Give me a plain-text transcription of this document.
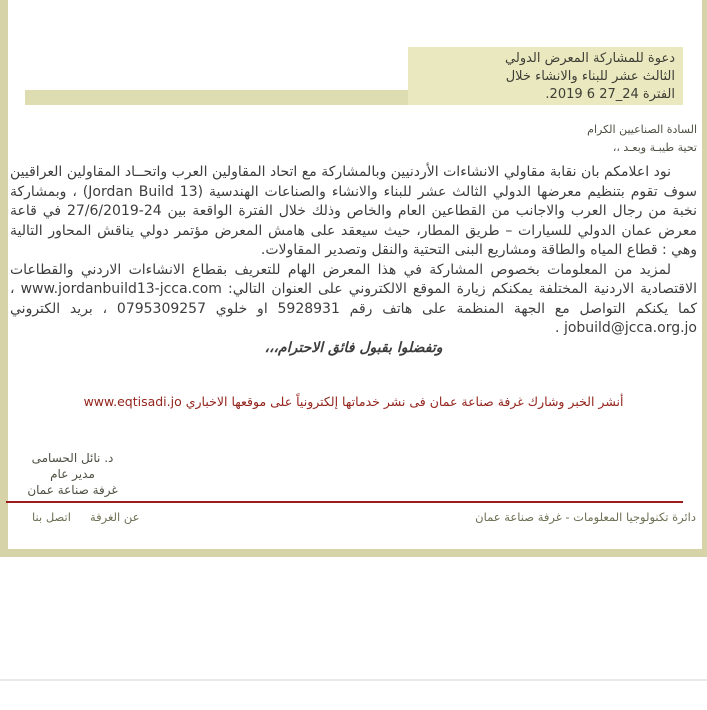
دعوة للمشاركة المعرض الدولي
الثالث عشر للبناء والانشاء خلال
الفترة 24_27 6 2019.
السادة الصناعيين الكرام
تحية طيبـة وبعـد ،،

نود اعلامكم بان نقابة مقاولي الانشاءات الأردنيين وبالمشاركة مع اتحاد المقاولين العرب واتحــاد المقاولين العراقيين سوف تقوم بتنظيم معرضها الدولي الثالث عشر للبناء والانشاء والصناعات الهندسية (Jordan Build 13) ، وبمشاركة نخبة من رجال العرب والاجانب من القطاعين العام والخاص وذلك خلال الفترة الواقعة بين 24-27/6/2019 في قاعة معرض عمان الدولي للسيارات – طريق المطار، حيث سيعقد على هامش المعرض مؤتمر دولي يناقش المحاور التالية وهي : قطاع المياه والطاقة ومشاريع البنى التحتية والنقل وتصدير المقاولات.

لمزيد من المعلومات بخصوص المشاركة في هذا المعرض الهام للتعريف بقطاع الانشاءات الاردني والقطاعات الاقتصادية الاردنية المختلفة يمكنكم زيارة الموقع الالكتروني على العنوان التالي: www.jordanbuild13-jcca.com ، كما يكنكم التواصل مع الجهة المنظمة على هاتف رقم 5928931 او خلوي 0795309257 ، بريد الكتروني jobuild@jcca.org.jo .

وتفضلوا بقبول فائق الاحترام،،،
أنشر الخبر وشارك غرفة صناعة عمان فى نشر خدماتها إلكترونياً على موقعها الاخباري www.eqtisadi.jo
د. نائل الحسامى
مدير عام
غرفة صناعة عمان
دائرة تكنولوجيا المعلومات - غرفة صناعة عمان
عن الغرفة
اتصل بنا
